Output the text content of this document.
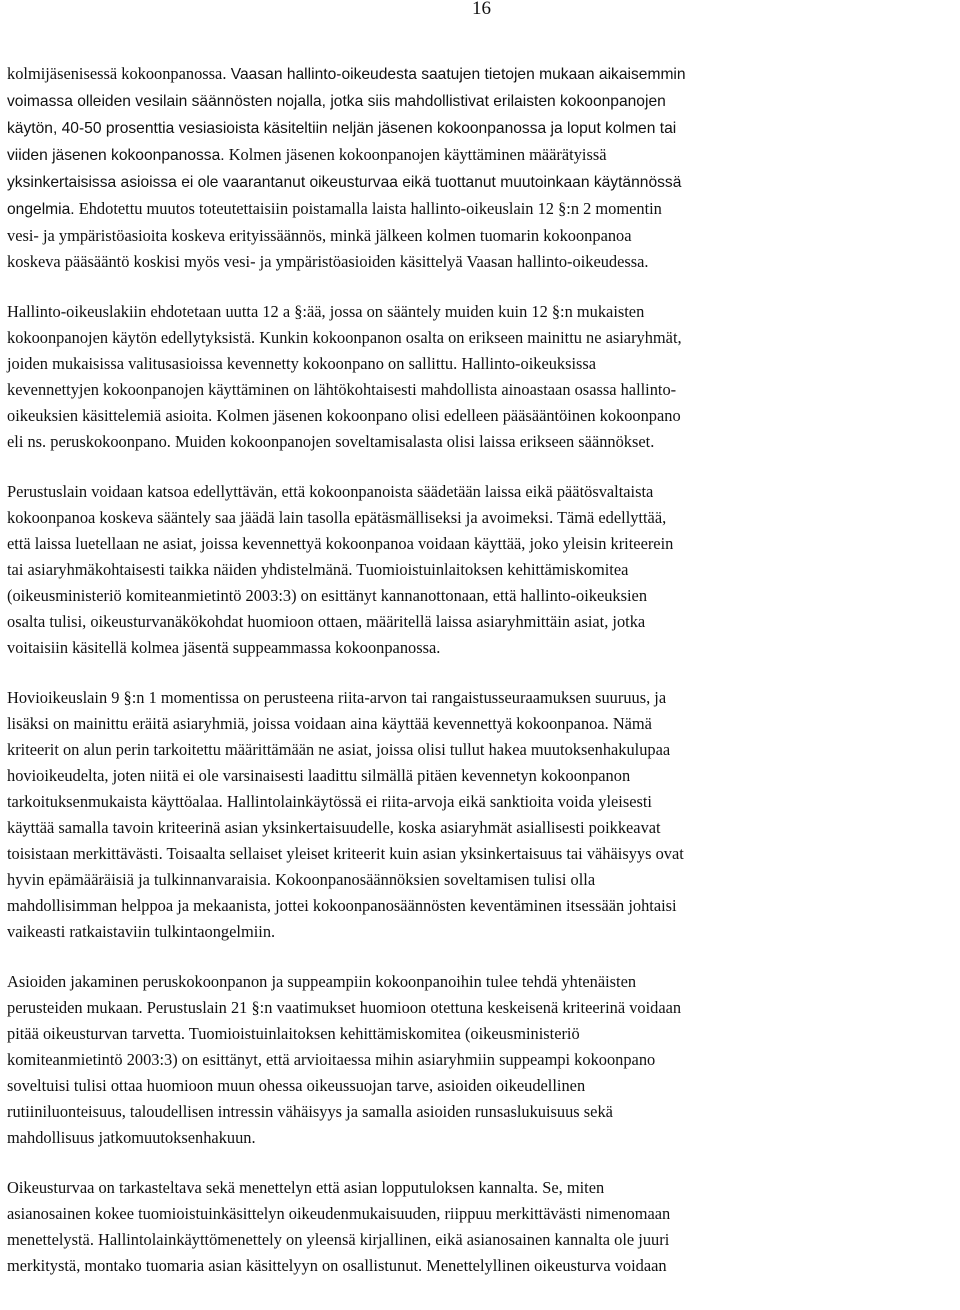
16

kolmijäsenisessä kokoonpanossa. Vaasan hallinto-oikeudesta saatujen tietojen mukaan aikaisemmin
voimassa olleiden vesilain säännösten nojalla, jotka siis mahdollistivat erilaisten kokoonpanojen
käytön, 40-50 prosenttia vesiasioista käsiteltiin neljän jäsenen kokoonpanossa ja loput kolmen tai
viiden jäsenen kokoonpanossa. Kolmen jäsenen kokoonpanojen käyttäminen määrätyissä
yksinkertaisissa asioissa ei ole vaarantanut oikeusturvaa eikä tuottanut muutoinkaan käytännössä
ongelmia. Ehdotettu muutos toteutettaisiin poistamalla laista hallinto-oikeuslain 12 §:n 2 momentin
vesi- ja ympäristöasioita koskeva erityissäännös, minkä jälkeen kolmen tuomarin kokoonpanoa
koskeva pääsääntö koskisi myös vesi- ja ympäristöasioiden käsittelyä Vaasan hallinto-oikeudessa.

Hallinto-oikeuslakiin ehdotetaan uutta 12 a §:ää, jossa on sääntely muiden kuin 12 §:n mukaisten
kokoonpanojen käytön edellytyksistä. Kunkin kokoonpanon osalta on erikseen mainittu ne asiaryhmät,
joiden mukaisissa valitusasioissa kevennetty kokoonpano on sallittu. Hallinto-oikeuksissa
kevennettyjen kokoonpanojen käyttäminen on lähtökohtaisesti mahdollista ainoastaan osassa hallinto-
oikeuksien käsittelemiä asioita. Kolmen jäsenen kokoonpano olisi edelleen pääsääntöinen kokoonpano
eli ns. peruskokoonpano. Muiden kokoonpanojen soveltamisalasta olisi laissa erikseen säännökset.

Perustuslain voidaan katsoa edellyttävän, että kokoonpanoista säädetään laissa eikä päätösvaltaista
kokoonpanoa koskeva sääntely saa jäädä lain tasolla epätäsmälliseksi ja avoimeksi. Tämä edellyttää,
että laissa luetellaan ne asiat, joissa kevennettyä kokoonpanoa voidaan käyttää, joko yleisin kriteerein
tai asiaryhmäkohtaisesti taikka näiden yhdistelmänä. Tuomioistuinlaitoksen kehittämiskomitea
(oikeusministeriö komiteanmietintö 2003:3) on esittänyt kannanottonaan, että hallinto-oikeuksien
osalta tulisi, oikeusturvanäkökohdat huomioon ottaen, määritellä laissa asiaryhmittäin asiat, jotka
voitaisiin käsitellä kolmea jäsentä suppeammassa kokoonpanossa.

Hovioikeuslain 9 §:n 1 momentissa on perusteena riita-arvon tai rangaistusseuraamuksen suuruus, ja
lisäksi on mainittu eräitä asiaryhmiä, joissa voidaan aina käyttää kevennettyä kokoonpanoa. Nämä
kriteerit on alun perin tarkoitettu määrittämään ne asiat, joissa olisi tullut hakea muutoksenhakulupaa
hovioikeudelta, joten niitä ei ole varsinaisesti laadittu silmällä pitäen kevennetyn kokoonpanon
tarkoituksenmukaista käyttöalaa. Hallintolainkäytössä ei riita-arvoja eikä sanktioita voida yleisesti
käyttää samalla tavoin kriteerinä asian yksinkertaisuudelle, koska asiaryhmät asiallisesti poikkeavat
toisistaan merkittävästi. Toisaalta sellaiset yleiset kriteerit kuin asian yksinkertaisuus tai vähäisyys ovat
hyvin epämääräisiä ja tulkinnanvaraisia. Kokoonpanosäännöksien soveltamisen tulisi olla
mahdollisimman helppoa ja mekaanista, jottei kokoonpanosäännösten keventäminen itsessään johtaisi
vaikeasti ratkaistaviin tulkintaongelmiin.

Asioiden jakaminen peruskokoonpanon ja suppeampiin kokoonpanoihin tulee tehdä yhtenäisten
perusteiden mukaan. Perustuslain 21 §:n vaatimukset huomioon otettuna keskeisenä kriteerinä voidaan
pitää oikeusturvan tarvetta. Tuomioistuinlaitoksen kehittämiskomitea (oikeusministeriö
komiteanmietintö 2003:3) on esittänyt, että arvioitaessa mihin asiaryhmiin suppeampi kokoonpano
soveltuisi tulisi ottaa huomioon muun ohessa oikeussuojan tarve, asioiden oikeudellinen
rutiiniluonteisuus, taloudellisen intressin vähäisyys ja samalla asioiden runsaslukuisuus sekä
mahdollisuus jatkomuutoksenhakuun.

Oikeusturvaa on tarkasteltava sekä menettelyn että asian lopputuloksen kannalta. Se, miten
asianosainen kokee tuomioistuinkäsittelyn oikeudenmukaisuuden, riippuu merkittävästi nimenomaan
menettelystä. Hallintolainkäyttömenettely on yleensä kirjallinen, eikä asianosainen kannalta ole juuri
merkitystä, montako tuomaria asian käsittelyyn on osallistunut. Menettelyllinen oikeusturva voidaan
